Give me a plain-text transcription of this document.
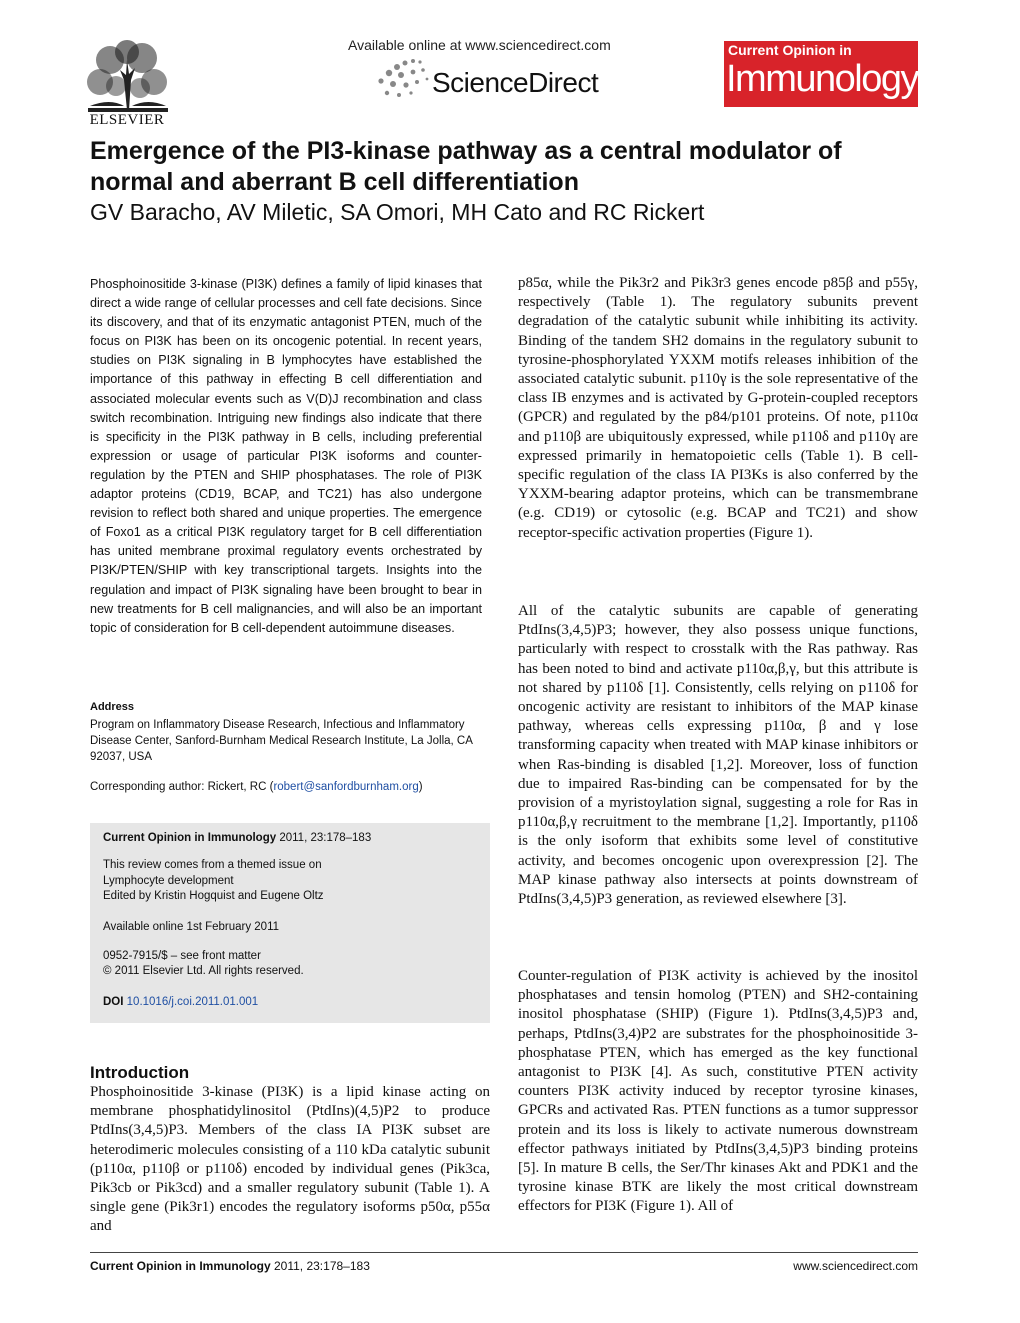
ELSEVIER
Available online at www.sciencedirect.com
ScienceDirect
Current Opinion in
Immunology
Emergence of the PI3-kinase pathway as a central modulator of normal and aberrant B cell differentiation
GV Baracho, AV Miletic, SA Omori, MH Cato and RC Rickert
Phosphoinositide 3-kinase (PI3K) defines a family of lipid kinases that direct a wide range of cellular processes and cell fate decisions. Since its discovery, and that of its enzymatic antagonist PTEN, much of the focus on PI3K has been on its oncogenic potential. In recent years, studies on PI3K signaling in B lymphocytes have established the importance of this pathway in effecting B cell differentiation and associated molecular events such as V(D)J recombination and class switch recombination. Intriguing new findings also indicate that there is specificity in the PI3K pathway in B cells, including preferential expression or usage of particular PI3K isoforms and counter-regulation by the PTEN and SHIP phosphatases. The role of PI3K adaptor proteins (CD19, BCAP, and TC21) has also undergone revision to reflect both shared and unique properties. The emergence of Foxo1 as a critical PI3K regulatory target for B cell differentiation has united membrane proximal regulatory events orchestrated by PI3K/PTEN/SHIP with key transcriptional targets. Insights into the regulation and impact of PI3K signaling have been brought to bear in new treatments for B cell malignancies, and will also be an important topic of consideration for B cell-dependent autoimmune diseases.
Address
Program on Inflammatory Disease Research, Infectious and Inflammatory Disease Center, Sanford-Burnham Medical Research Institute, La Jolla, CA 92037, USA
Corresponding author: Rickert, RC (robert@sanfordburnham.org)
Current Opinion in Immunology 2011, 23:178–183
This review comes from a themed issue on
Lymphocyte development
Edited by Kristin Hogquist and Eugene Oltz
Available online 1st February 2011
0952-7915/$ – see front matter
© 2011 Elsevier Ltd. All rights reserved.
DOI 10.1016/j.coi.2011.01.001
Introduction
Phosphoinositide 3-kinase (PI3K) is a lipid kinase acting on membrane phosphatidylinositol (PtdIns)(4,5)P2 to produce PtdIns(3,4,5)P3. Members of the class IA PI3K subset are heterodimeric molecules consisting of a 110 kDa catalytic subunit (p110α, p110β or p110δ) encoded by individual genes (Pik3ca, Pik3cb or Pik3cd) and a smaller regulatory subunit (Table 1). A single gene (Pik3r1) encodes the regulatory isoforms p50α, p55α and
p85α, while the Pik3r2 and Pik3r3 genes encode p85β and p55γ, respectively (Table 1). The regulatory subunits prevent degradation of the catalytic subunit while inhibiting its activity. Binding of the tandem SH2 domains in the regulatory subunit to tyrosine-phosphorylated YXXM motifs releases inhibition of the associated catalytic subunit. p110γ is the sole representative of the class IB enzymes and is activated by G-protein-coupled receptors (GPCR) and regulated by the p84/p101 proteins. Of note, p110α and p110β are ubiquitously expressed, while p110δ and p110γ are expressed primarily in hematopoietic cells (Table 1). B cell-specific regulation of the class IA PI3Ks is also conferred by the YXXM-bearing adaptor proteins, which can be transmembrane (e.g. CD19) or cytosolic (e.g. BCAP and TC21) and show receptor-specific activation properties (Figure 1).
All of the catalytic subunits are capable of generating PtdIns(3,4,5)P3; however, they also possess unique functions, particularly with respect to crosstalk with the Ras pathway. Ras has been noted to bind and activate p110α,β,γ, but this attribute is not shared by p110δ [1]. Consistently, cells relying on p110δ for oncogenic activity are resistant to inhibitors of the MAP kinase pathway, whereas cells expressing p110α, β and γ lose transforming capacity when treated with MAP kinase inhibitors or when Ras-binding is disabled [1,2]. Moreover, loss of function due to impaired Ras-binding can be compensated for by the provision of a myristoylation signal, suggesting a role for Ras in p110α,β,γ recruitment to the membrane [1,2]. Importantly, p110δ is the only isoform that exhibits some level of constitutive activity, and becomes oncogenic upon overexpression [2]. The MAP kinase pathway also intersects at points downstream of PtdIns(3,4,5)P3 generation, as reviewed elsewhere [3].
Counter-regulation of PI3K activity is achieved by the inositol phosphatases and tensin homolog (PTEN) and SH2-containing inositol phosphatase (SHIP) (Figure 1). PtdIns(3,4,5)P3 and, perhaps, PtdIns(3,4)P2 are substrates for the phosphoinositide 3-phosphatase PTEN, which has emerged as the key functional antagonist to PI3K [4]. As such, constitutive PTEN activity counters PI3K activity induced by receptor tyrosine kinases, GPCRs and activated Ras. PTEN functions as a tumor suppressor protein and its loss is likely to activate numerous downstream effector pathways initiated by PtdIns(3,4,5)P3 binding proteins [5]. In mature B cells, the Ser/Thr kinases Akt and PDK1 and the tyrosine kinase BTK are likely the most critical downstream effectors for PI3K (Figure 1). All of
Current Opinion in Immunology 2011, 23:178–183	www.sciencedirect.com
